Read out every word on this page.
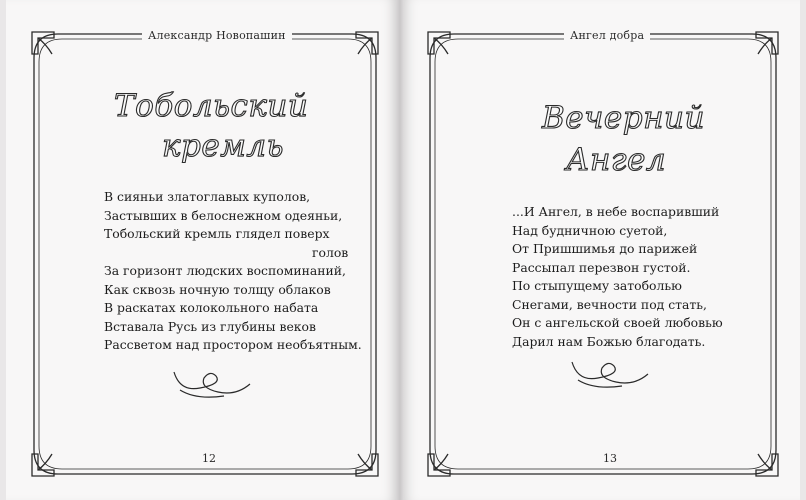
Александр Новопашин
Тобольский
кремль
В сияньи златоглавых куполов,
Застывших в белоснежном одеяньи,
Тобольский кремль глядел поверх
голов
За горизонт людских воспоминаний,
Как сквозь ночную толщу облаков
В раскатах колокольного набата
Вставала Русь из глубины веков
Рассветом над простором необъятным.
12
Ангел добра
Вечерний
Ангел
...И Ангел, в небе воспаривший
Над будничною суетой,
От Пришшимья до парижей
Рассыпал перезвон густой.
По стыпущему затоболью
Снегами, вечности под стать,
Он с ангельской своей любовью
Дарил нам Божью благодать.
13
